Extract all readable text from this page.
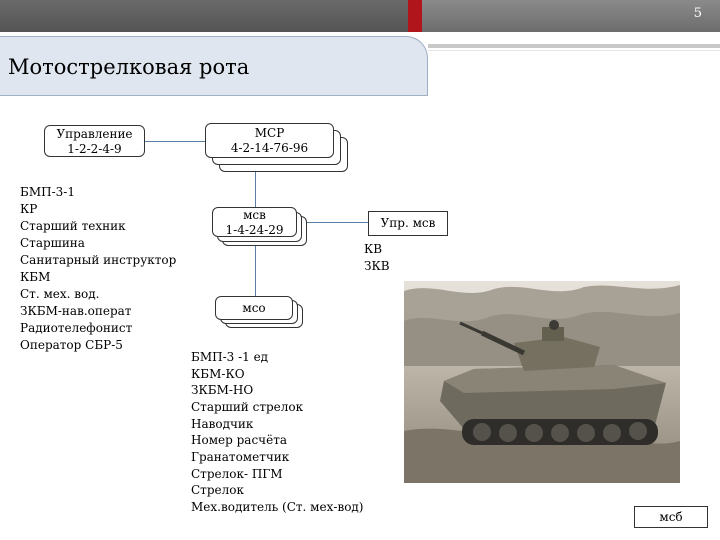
5
Мотострелковая рота
Управление
1-2-2-4-9
МСР
4-2-14-76-96
мсв
1-4-24-29
мсо
Упр. мсв
КВ
ЗКВ
БМП-3-1
КР
Старший техник
Старшина
Санитарный инструктор
КБМ
Ст. мех. вод.
ЗКБМ-нав.операт
Радиотелефонист
Оператор СБР-5
БМП-3 -1 ед
КБМ-КО
ЗКБМ-НО
Старший стрелок
Наводчик
Номер расчёта
Гранатометчик
Стрелок- ПГМ
Стрелок
Мех.водитель (Ст. мех-вод)
мсб
